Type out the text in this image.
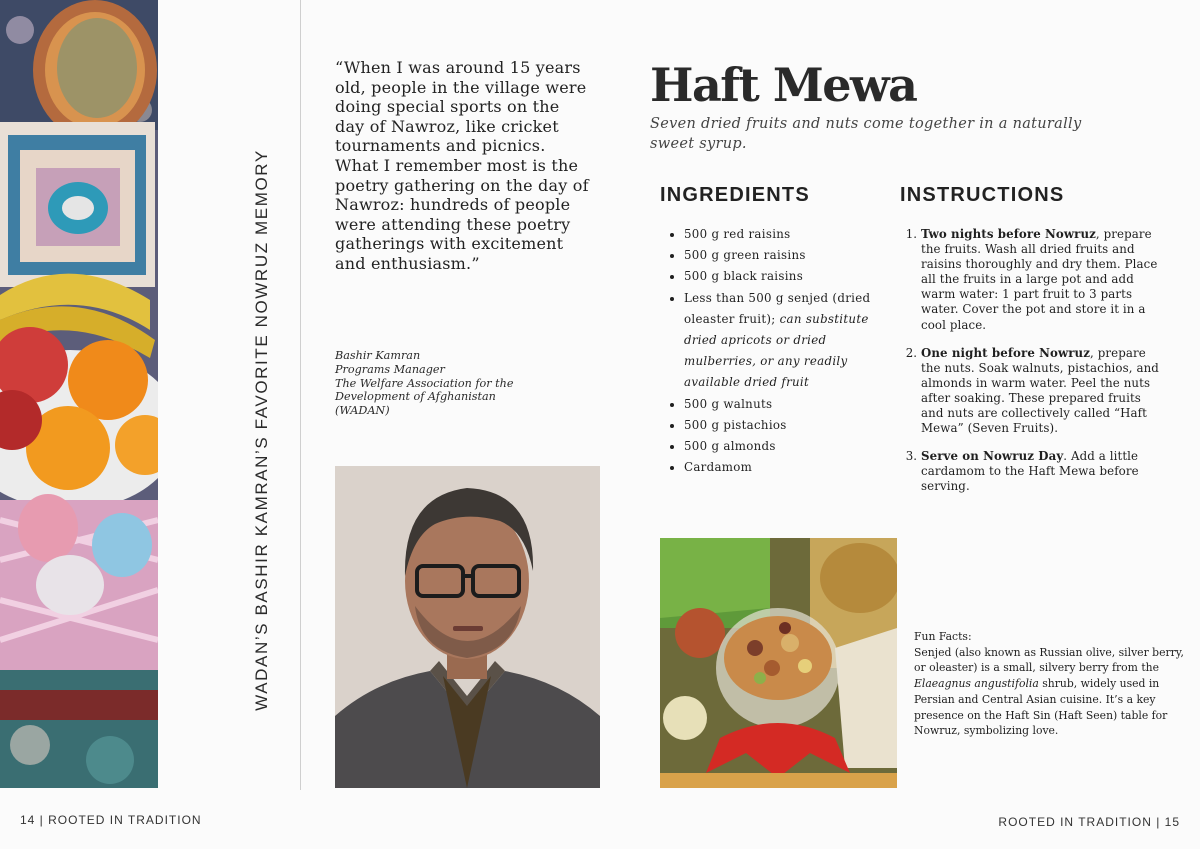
WADAN’S BASHIR KAMRAN’S FAVORITE NOWRUZ MEMORY

“When I was around 15 years old, people in the village were doing special sports on the day of Nawroz, like cricket tournaments and picnics. What I remember most is the poetry gathering on the day of Nawroz: hundreds of people were attending these poetry gatherings with excitement and enthusiasm.”

Bashir Kamran
Programs Manager
The Welfare Association for the
Development of Afghanistan
(WADAN)
Haft Mewa

Seven dried fruits and nuts come together in a naturally sweet syrup.

INGREDIENTS
• 500 g red raisins
• 500 g green raisins
• 500 g black raisins
• Less than 500 g senjed (dried oleaster fruit); can substitute dried apricots or dried mulberries, or any readily available dried fruit
• 500 g walnuts
• 500 g pistachios
• 500 g almonds
• Cardamom
INSTRUCTIONS
1. Two nights before Nowruz, prepare the fruits. Wash all dried fruits and raisins thoroughly and dry them. Place all the fruits in a large pot and add warm water: 1 part fruit to 3 parts water. Cover the pot and store it in a cool place.
2. One night before Nowruz, prepare the nuts. Soak walnuts, pistachios, and almonds in warm water. Peel the nuts after soaking. These prepared fruits and nuts are collectively called “Haft Mewa” (Seven Fruits).
3. Serve on Nowruz Day. Add a little cardamom to the Haft Mewa before serving.
Fun Facts:
Senjed (also known as Russian olive, silver berry, or oleaster) is a small, silvery berry from the Elaeagnus angustifolia shrub, widely used in Persian and Central Asian cuisine. It’s a key presence on the Haft Sin (Haft Seen) table for Nowruz, symbolizing love.
14 | ROOTED IN TRADITION	ROOTED IN TRADITION | 15
